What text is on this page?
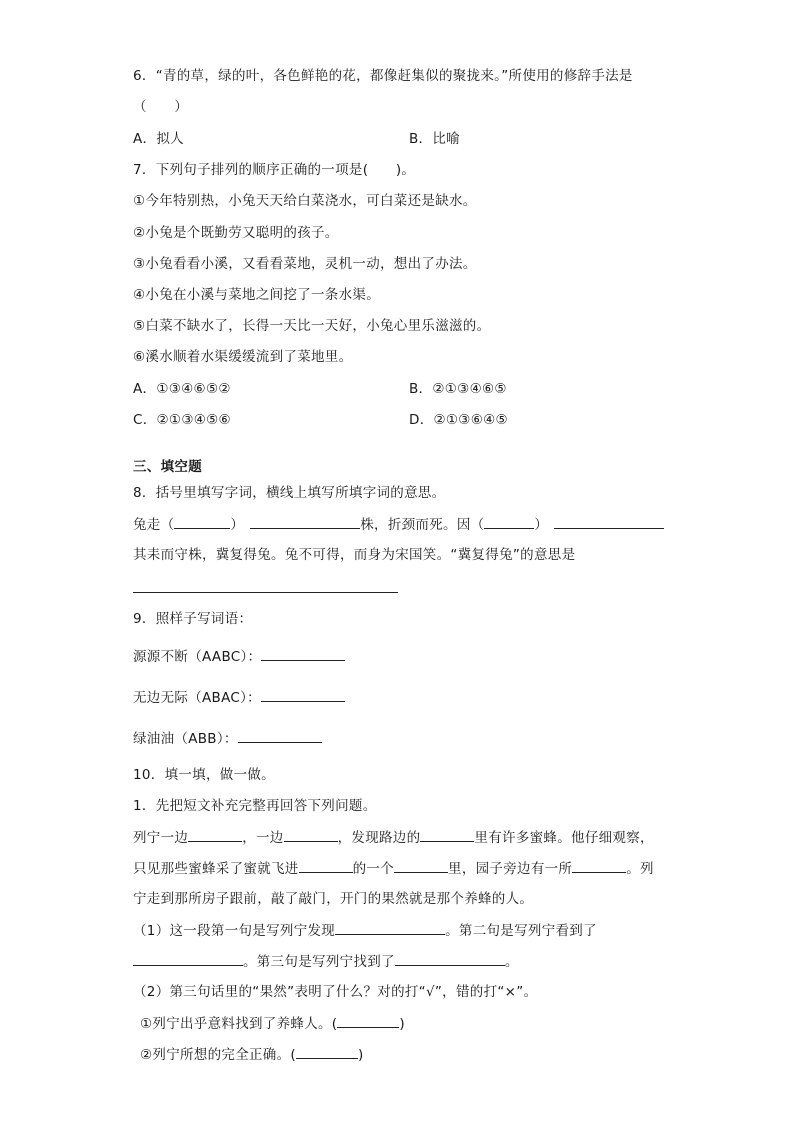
6．“青的草，绿的叶，各色鲜艳的花，都像赶集似的聚拢来。”所使用的修辞手法是
（　　）
A．拟人	B．比喻
7．下列句子排列的顺序正确的一项是(　　)。
①今年特别热，小兔天天给白菜浇水，可白菜还是缺水。
②小兔是个既勤劳又聪明的孩子。
③小兔看看小溪，又看看菜地，灵机一动，想出了办法。
④小兔在小溪与菜地之间挖了一条水渠。
⑤白菜不缺水了，长得一天比一天好，小兔心里乐滋滋的。
⑥溪水顺着水渠缓缓流到了菜地里。
A．①③④⑥⑤②	B．②①③④⑥⑤
C．②①③④⑤⑥	D．②①③⑥④⑤
三、填空题
8．括号里填写字词，横线上填写所填字词的意思。
兔走（	）	株，折颈而死。因（	）
其耒而守株，冀复得兔。兔不可得，而身为宋国笑。“冀复得兔”的意思是
9．照样子写词语：
源源不断（AABC）：
无边无际（ABAC）：
绿油油（ABB）：
10．填一填，做一做。
1．先把短文补充完整再回答下列问题。
列宁一边	，一边	，发现路边的	里有许多蜜蜂。他仔细观察，
只见那些蜜蜂采了蜜就飞进	的一个	里，园子旁边有一所	。列
宁走到那所房子跟前，敲了敲门，开门的果然就是那个养蜂的人。
（1）这一段第一句是写列宁发现	。第二句是写列宁看到了
。第三句是写列宁找到了	。
（2）第三句话里的“果然”表明了什么？对的打“√”，错的打“×”。
①列宁出乎意料找到了养蜂人。(	)
②列宁所想的完全正确。(	)
